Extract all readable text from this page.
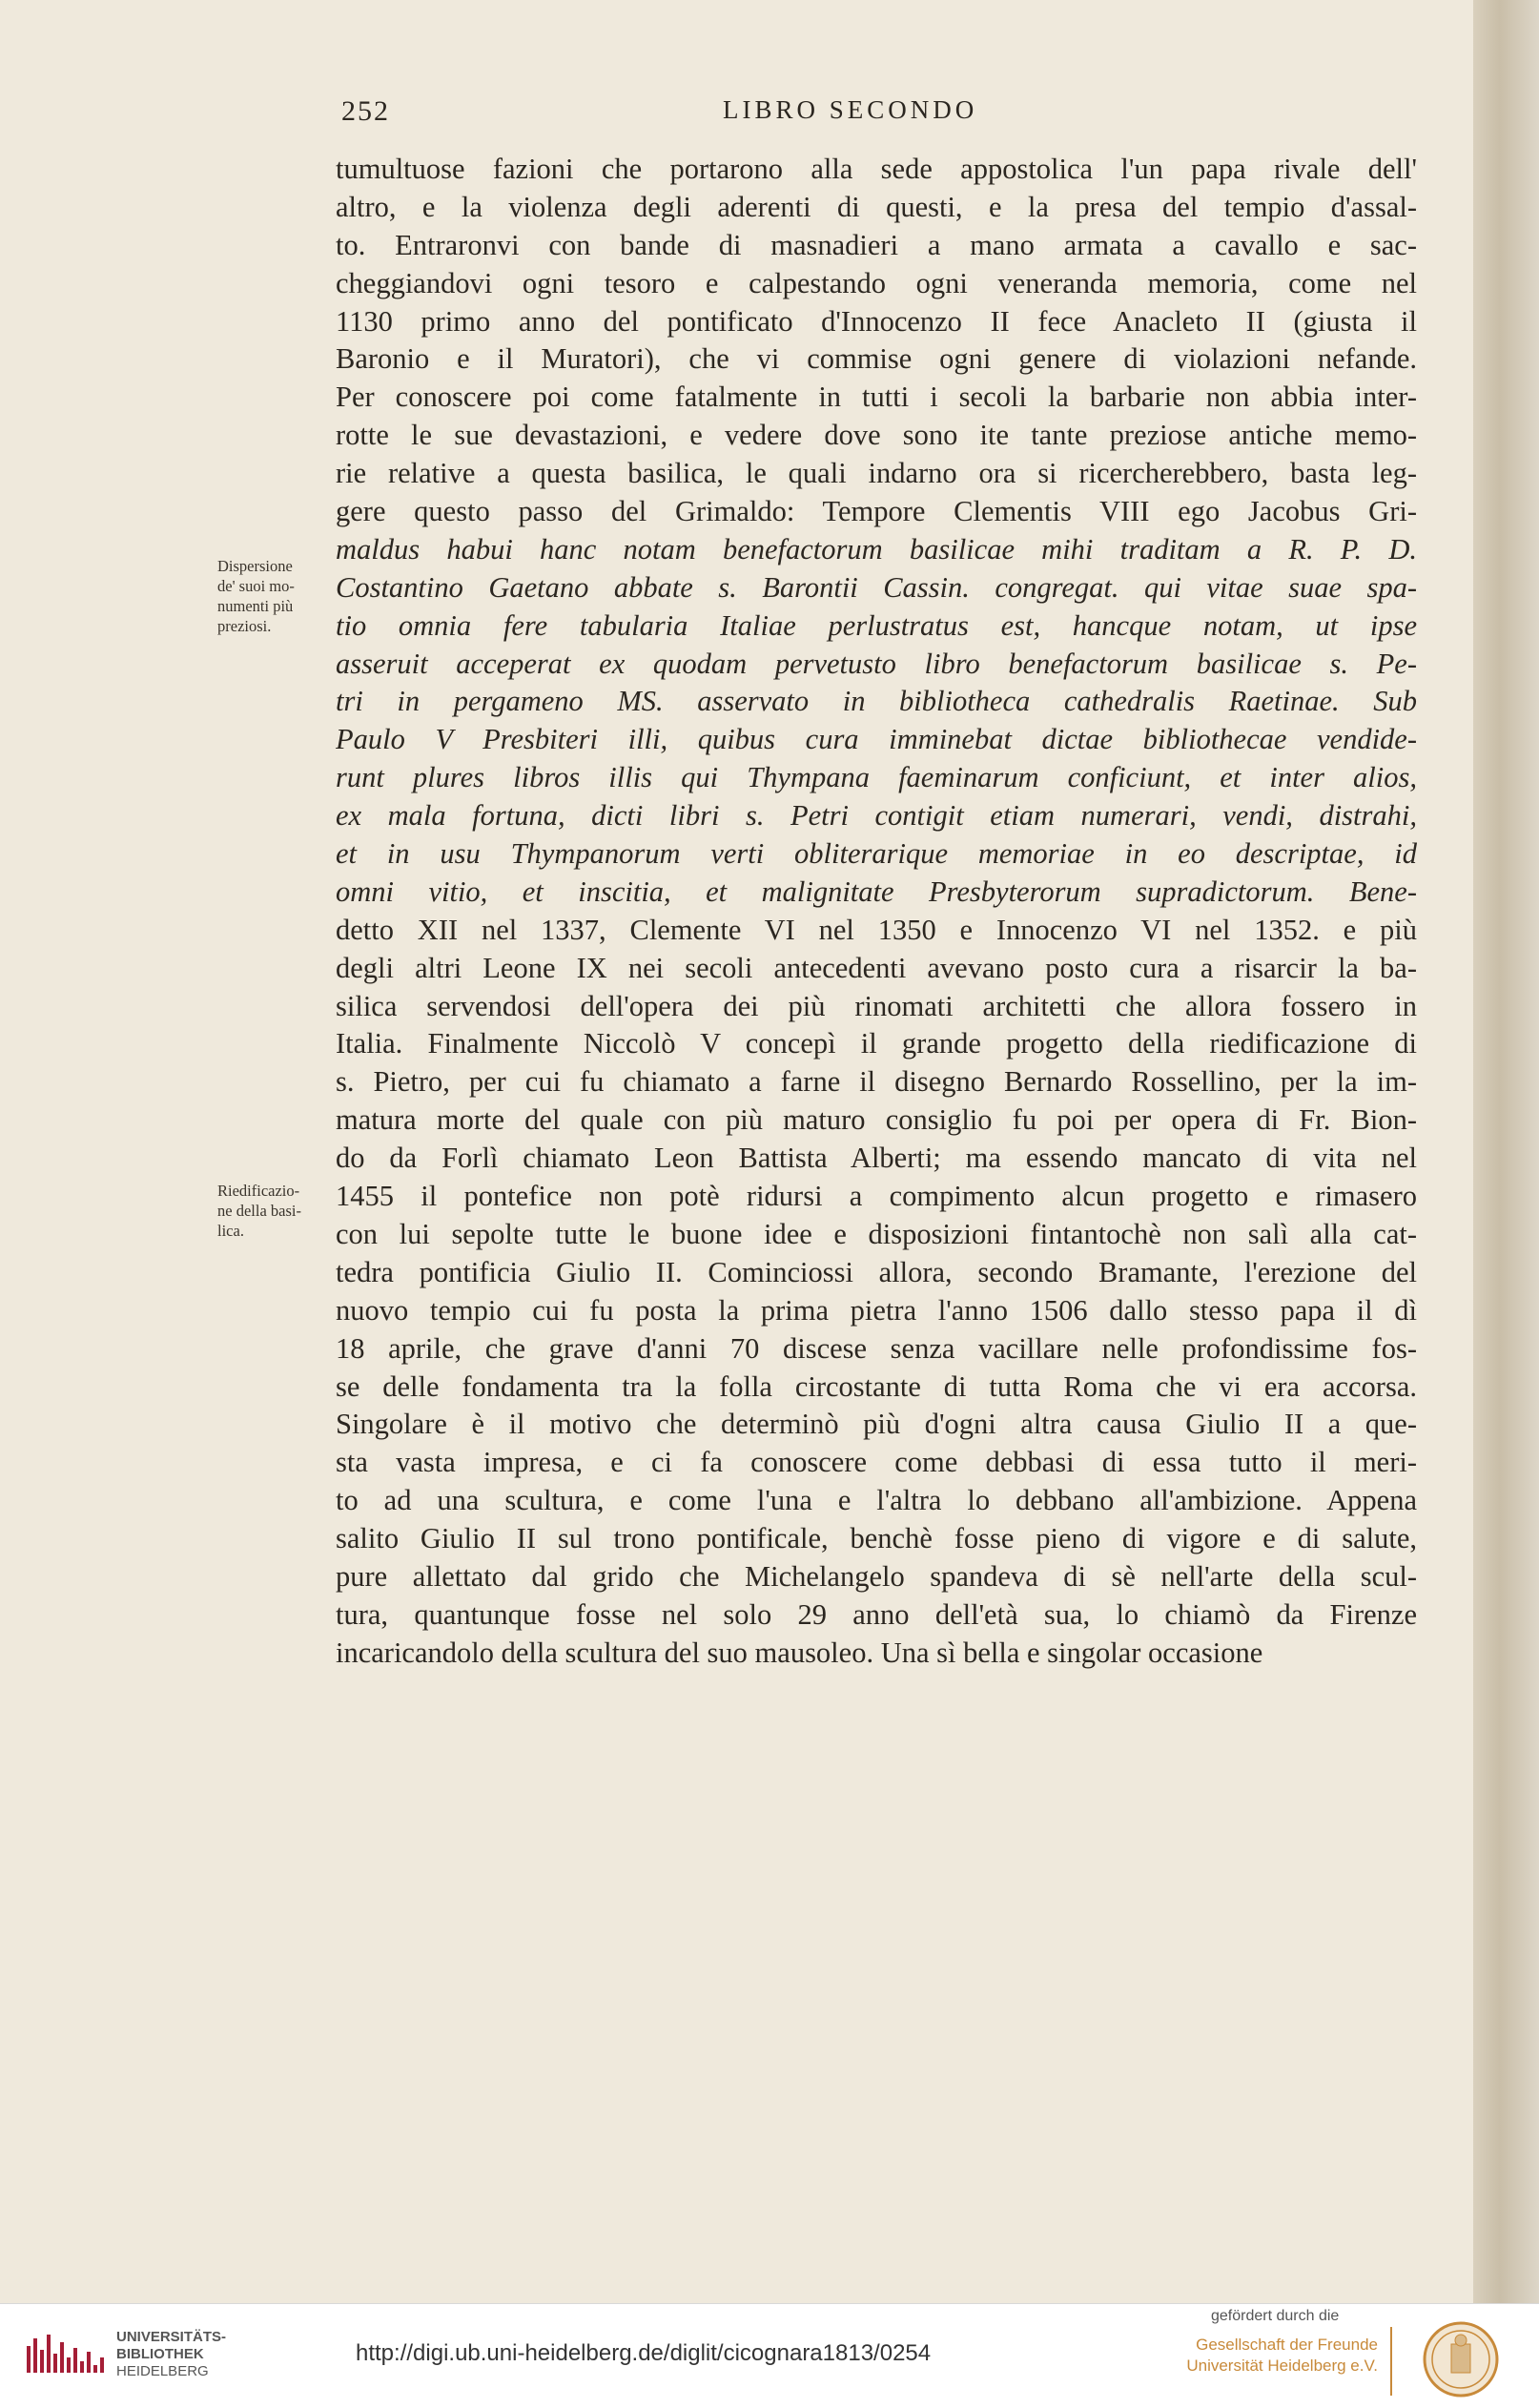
252	LIBRO SECONDO
Dispersione
de' suoi mo-
numenti più
preziosi.
Riedificazio-
ne della basi-
lica.
tumultuose fazioni che portarono alla sede appostolica l'un papa rivale dell'
altro, e la violenza degli aderenti di questi, e la presa del tempio d'assal-
to. Entraronvi con bande di masnadieri a mano armata a cavallo e sac-
cheggiandovi ogni tesoro e calpestando ogni veneranda memoria, come nel
1130 primo anno del pontificato d'Innocenzo II fece Anacleto II (giusta il
Baronio e il Muratori), che vi commise ogni genere di violazioni nefande.
Per conoscere poi come fatalmente in tutti i secoli la barbarie non abbia inter-
rotte le sue devastazioni, e vedere dove sono ite tante preziose antiche memo-
rie relative a questa basilica, le quali indarno ora si ricercherebbero, basta leg-
gere questo passo del Grimaldo: Tempore Clementis VIII ego Jacobus Gri-
maldus habui hanc notam benefactorum basilicae mihi traditam a R. P. D.
Costantino Gaetano abbate s. Barontii Cassin. congregat. qui vitae suae spa-
tio omnia fere tabularia Italiae perlustratus est, hancque notam, ut ipse
asseruit acceperat ex quodam pervetusto libro benefactorum basilicae s. Pe-
tri in pergameno MS. asservato in bibliotheca cathedralis Raetinae. Sub
Paulo V Presbiteri illi, quibus cura imminebat dictae bibliothecae vendide-
runt plures libros illis qui Thympana faeminarum conficiunt, et inter alios,
ex mala fortuna, dicti libri s. Petri contigit etiam numerari, vendi, distrahi,
et in usu Thympanorum verti obliterarique memoriae in eo descriptae, id
omni vitio, et inscitia, et malignitate Presbyterorum supradictorum. Bene-
detto XII nel 1337, Clemente VI nel 1350 e Innocenzo VI nel 1352. e più
degli altri Leone IX nei secoli antecedenti avevano posto cura a risarcir la ba-
silica servendosi dell'opera dei più rinomati architetti che allora fossero in
Italia. Finalmente Niccolò V concepì il grande progetto della riedificazione di
s. Pietro, per cui fu chiamato a farne il disegno Bernardo Rossellino, per la im-
matura morte del quale con più maturo consiglio fu poi per opera di Fr. Bion-
do da Forlì chiamato Leon Battista Alberti; ma essendo mancato di vita nel
1455 il pontefice non potè ridursi a compimento alcun progetto e rimasero
con lui sepolte tutte le buone idee e disposizioni fintantochè non salì alla cat-
tedra pontificia Giulio II. Cominciossi allora, secondo Bramante, l'erezione del
nuovo tempio cui fu posta la prima pietra l'anno 1506 dallo stesso papa il dì
18 aprile, che grave d'anni 70 discese senza vacillare nelle profondissime fos-
se delle fondamenta tra la folla circostante di tutta Roma che vi era accorsa.
Singolare è il motivo che determinò più d'ogni altra causa Giulio II a que-
sta vasta impresa, e ci fa conoscere come debbasi di essa tutto il meri-
to ad una scultura, e come l'una e l'altra lo debbano all'ambizione. Appena
salito Giulio II sul trono pontificale, benchè fosse pieno di vigore e di salute,
pure allettato dal grido che Michelangelo spandeva di sè nell'arte della scul-
tura, quantunque fosse nel solo 29 anno dell'età sua, lo chiamò da Firenze
incaricandolo della scultura del suo mausoleo. Una sì bella e singolar occasione
UNIVERSITÄTS-
BIBLIOTHEK
HEIDELBERG
http://digi.ub.uni-heidelberg.de/diglit/cicognara1813/0254
gefördert durch die
Gesellschaft der Freunde
Universität Heidelberg e.V.
